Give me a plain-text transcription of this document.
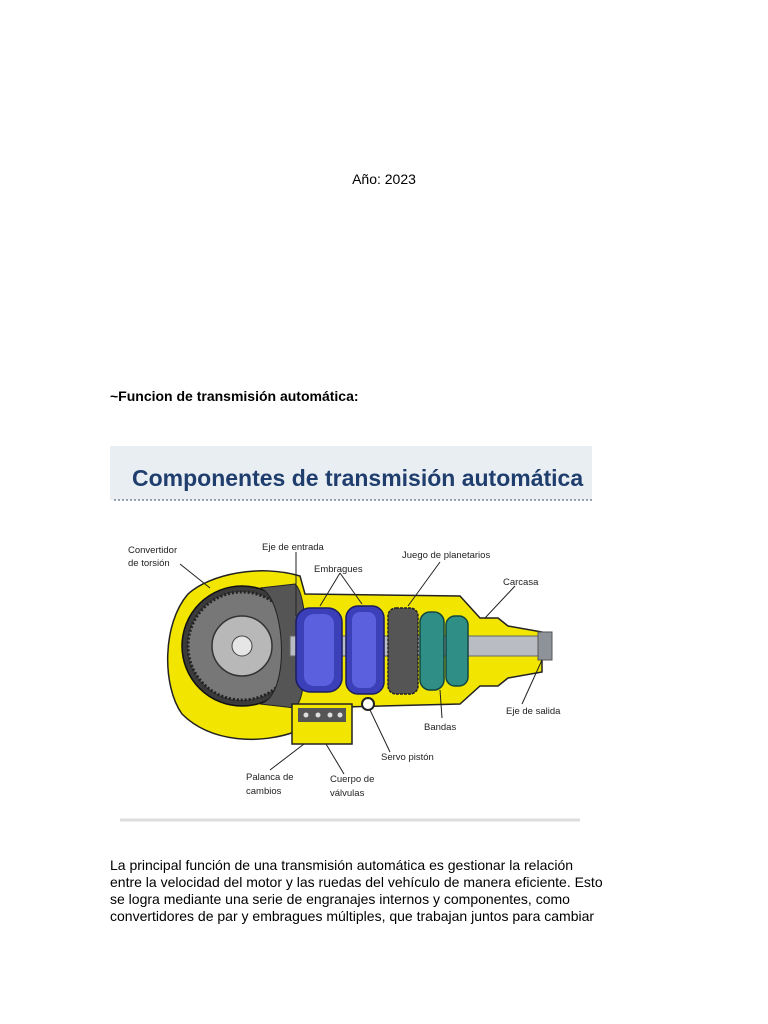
Año: 2023
~Funcion de transmisión automática:
Componentes de transmisión automática
Convertidor
de torsión
Eje de entrada
Embragues
Juego de planetarios
Carcasa
Eje de salida
Bandas
Servo pistón
Palanca de
cambios
Cuerpo de
válvulas
La principal función de una transmisión automática es gestionar la relación
entre la velocidad del motor y las ruedas del vehículo de manera eficiente. Esto
se logra mediante una serie de engranajes internos y componentes, como
convertidores de par y embragues múltiples, que trabajan juntos para cambiar
